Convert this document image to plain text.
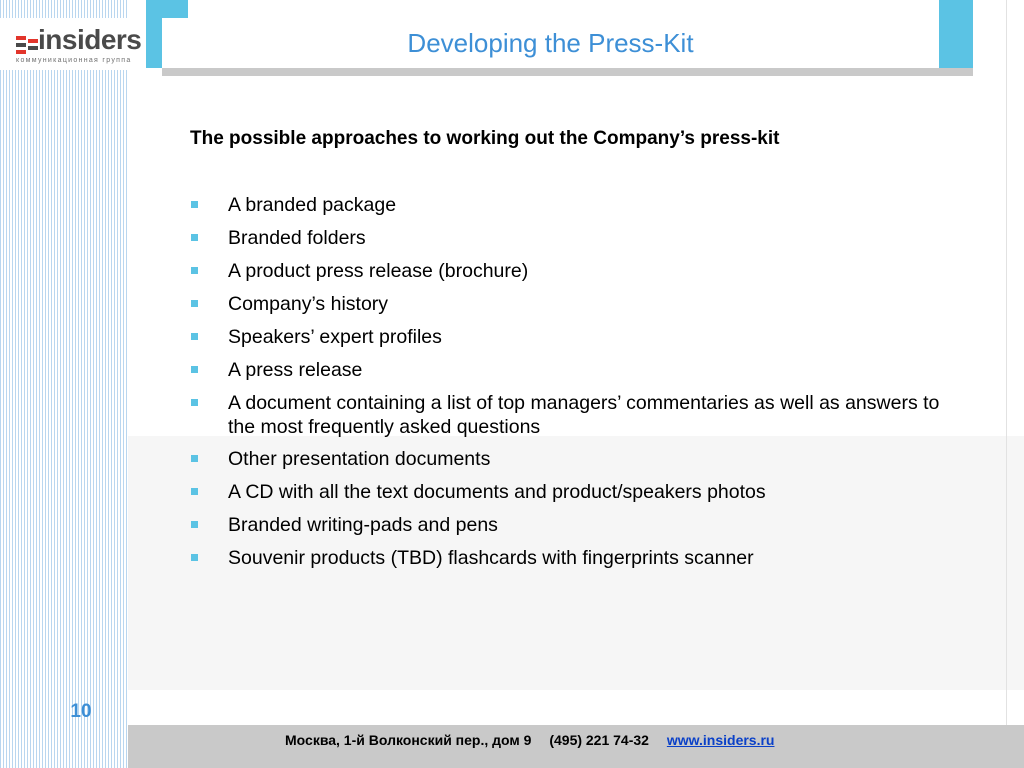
insiders
коммуникационная группа
Developing the Press-Kit
The possible approaches to working out the Company’s press-kit
A branded package
Branded folders
A product press release (brochure)
Company’s history
Speakers’ expert profiles
A press release
A document containing a list of top managers’ commentaries as well as answers to the most frequently asked questions
Other presentation documents
A CD with all the text documents and product/speakers photos
Branded writing-pads and pens
Souvenir products (TBD) flashcards with fingerprints scanner
10
Москва, 1-й Волконский пер., дом 9 (495) 221 74-32 www.insiders.ru
